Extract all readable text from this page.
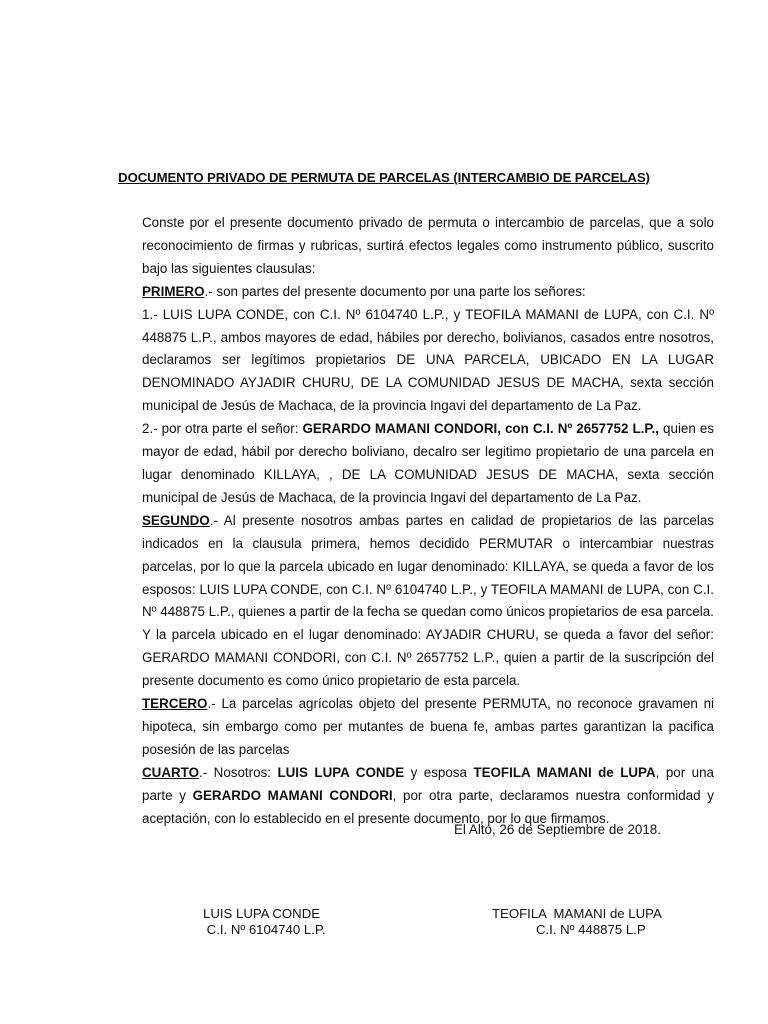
DOCUMENTO PRIVADO DE PERMUTA DE PARCELAS (INTERCAMBIO DE PARCELAS)

Conste por el presente documento privado de permuta o intercambio de parcelas, que a solo reconocimiento de firmas y rubricas, surtirá efectos legales como instrumento público, suscrito bajo las siguientes clausulas:

PRIMERO.- son partes del presente documento por una parte los señores:

1.- LUIS LUPA CONDE, con C.I. Nº 6104740 L.P., y TEOFILA MAMANI de LUPA, con C.I. Nº 448875 L.P., ambos mayores de edad, hábiles por derecho, bolivianos, casados entre nosotros, declaramos ser legítimos propietarios DE UNA PARCELA, UBICADO EN LA LUGAR DENOMINADO AYJADIR CHURU, DE LA COMUNIDAD JESUS DE MACHA, sexta sección municipal de Jesús de Machaca, de la provincia Ingavi del departamento de La Paz.

2.- por otra parte el señor: GERARDO MAMANI CONDORI, con C.I. Nº 2657752 L.P., quien es mayor de edad, hábil por derecho boliviano, decalro ser legitimo propietario de una parcela en lugar denominado KILLAYA, , DE LA COMUNIDAD JESUS DE MACHA, sexta sección municipal de Jesús de Machaca, de la provincia Ingavi del departamento de La Paz.

SEGUNDO.- Al presente nosotros ambas partes en calidad de propietarios de las parcelas indicados en la clausula primera, hemos decidido PERMUTAR o intercambiar nuestras parcelas, por lo que la parcela ubicado en lugar denominado: KILLAYA, se queda a favor de los esposos: LUIS LUPA CONDE, con C.I. Nº 6104740 L.P., y TEOFILA MAMANI de LUPA, con C.I. Nº 448875 L.P., quienes a partir de la fecha se quedan como únicos propietarios de esa parcela.

Y la parcela ubicado en el lugar denominado: AYJADIR CHURU, se queda a favor del señor: GERARDO MAMANI CONDORI, con C.I. Nº 2657752 L.P., quien a partir de la suscripción del presente documento es como único propietario de esta parcela.

TERCERO.- La parcelas agrícolas objeto del presente PERMUTA, no reconoce gravamen ni hipoteca, sin embargo como per mutantes de buena fe, ambas partes garantizan la pacifica posesión de las parcelas

CUARTO.- Nosotros: LUIS LUPA CONDE y esposa TEOFILA MAMANI de LUPA, por una parte y GERARDO MAMANI CONDORI, por otra parte, declaramos nuestra conformidad y aceptación, con lo establecido en el presente documento, por lo que firmamos.

El Alto, 26 de Septiembre de 2018.
LUIS LUPA CONDE
C.I. Nº 6104740 L.P.
TEOFILA  MAMANI de LUPA
C.I. Nº 448875 L.P
